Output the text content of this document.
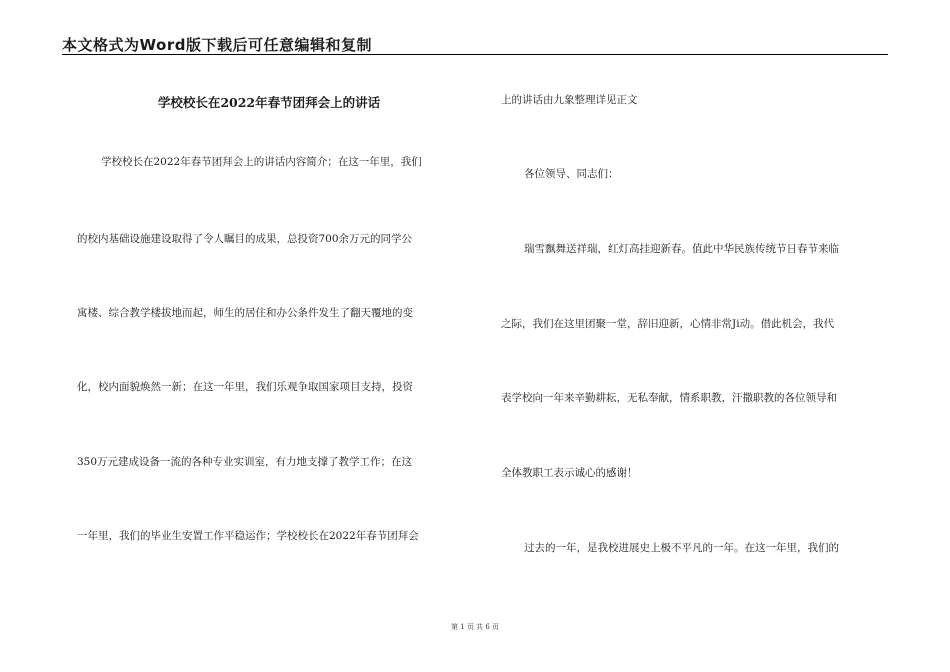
本文格式为Word版下载后可任意编辑和复制
学校校长在2022年春节团拜会上的讲话
学校校长在2022年春节团拜会上的讲话内容简介；在这一年里，我们
的校内基础设施建设取得了令人瞩目的成果，总投资700余万元的同学公
寓楼、综合教学楼拔地而起，师生的居住和办公条件发生了翻天覆地的变
化，校内面貌焕然一新；在这一年里，我们乐观争取国家项目支持，投资
350万元建成设备一流的各种专业实训室，有力地支撑了教学工作；在这
一年里，我们的毕业生安置工作平稳运作；学校校长在2022年春节团拜会
上的讲话由九象整理详见正文
各位领导、同志们：
瑞雪飘舞送祥瑞，红灯高挂迎新春。值此中华民族传统节日春节来临
之际，我们在这里团聚一堂，辞旧迎新，心情非常Ji动。借此机会，我代
表学校向一年来辛勤耕耘，无私奉献，情系职教，汗撒职教的各位领导和
全体教职工表示诚心的感谢！
过去的一年，是我校进展史上极不平凡的一年。在这一年里，我们的
第 1 页 共 6 页
